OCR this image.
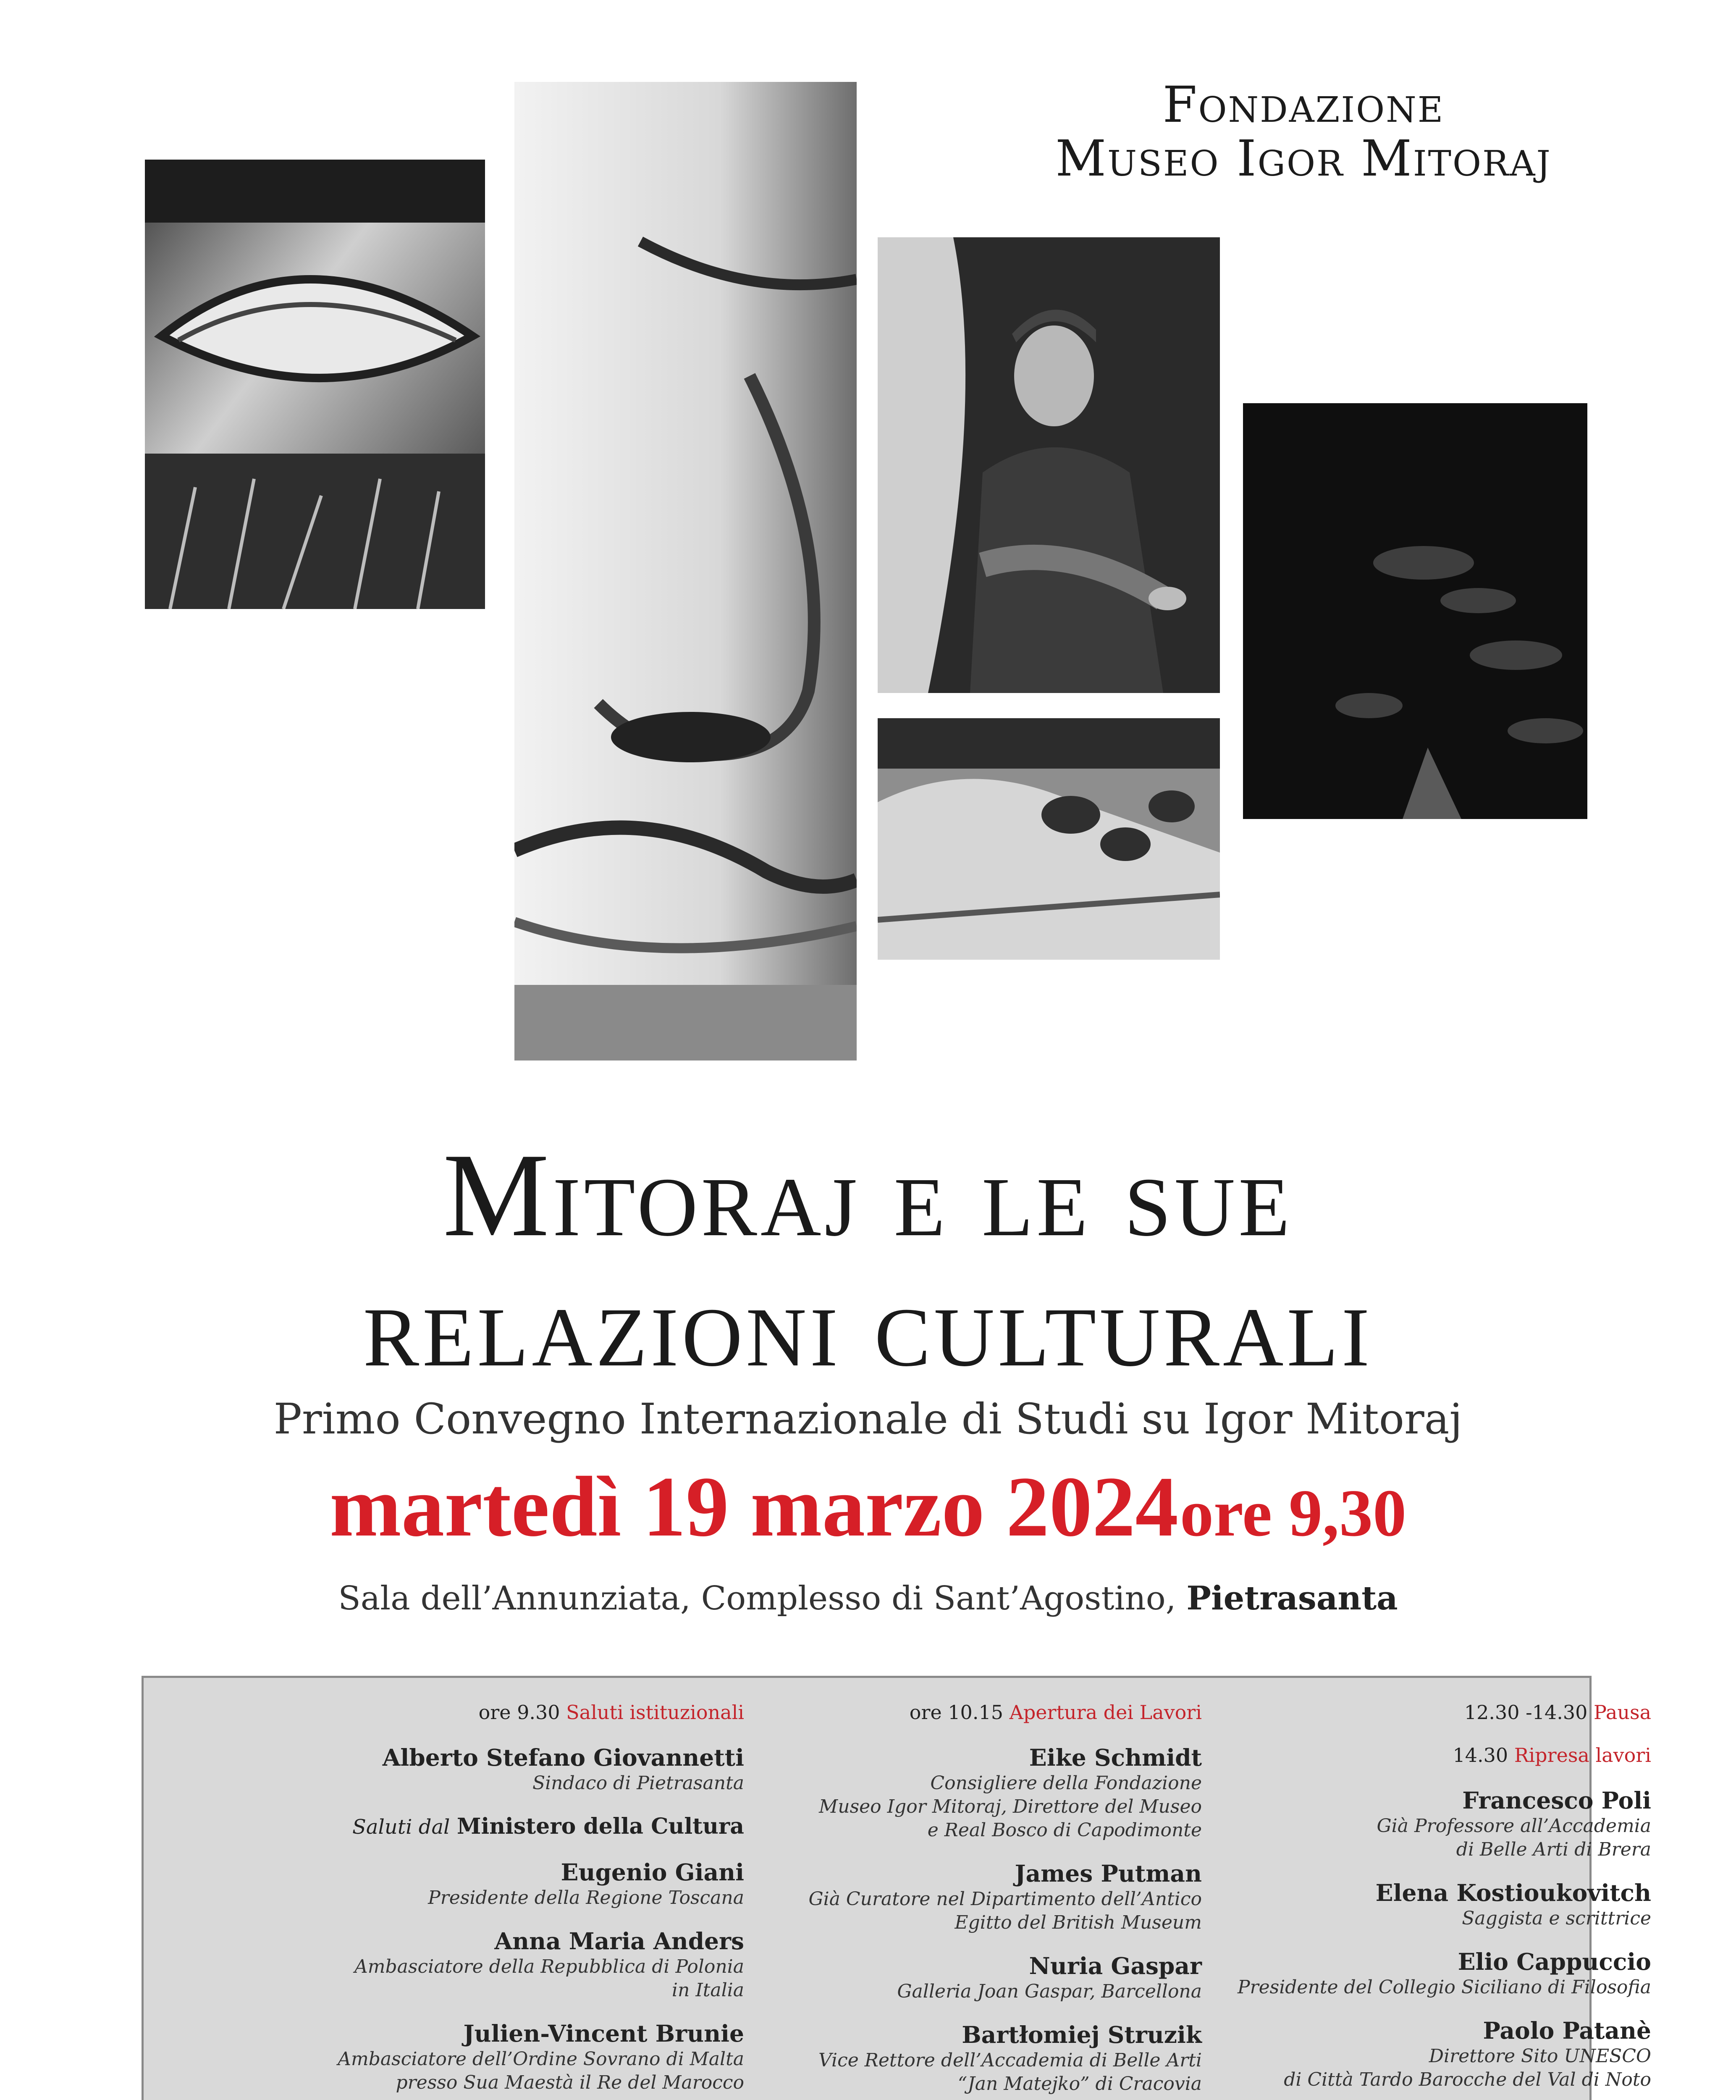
Fondazione
Museo Igor Mitoraj
Mitoraj e le sue
relazioni culturali
Primo Convegno Internazionale di Studi su Igor Mitoraj
martedì 19 marzo 2024 ore 9,30
Sala dell’Annunziata, Complesso di Sant’Agostino, Pietrasanta
ore 9.30 Saluti istituzionali
Alberto Stefano Giovannetti
Sindaco di Pietrasanta
Saluti dal Ministero della Cultura
Eugenio Giani
Presidente della Regione Toscana
Anna Maria Anders
Ambasciatore della Repubblica di Polonia
in Italia
Julien-Vincent Brunie
Ambasciatore dell’Ordine Sovrano di Malta
presso Sua Maestà il Re del Marocco
ore 10.15 Apertura dei Lavori
Eike Schmidt
Consigliere della Fondazione
Museo Igor Mitoraj, Direttore del Museo
e Real Bosco di Capodimonte
James Putman
Già Curatore nel Dipartimento dell’Antico
Egitto del British Museum
Nuria Gaspar
Galleria Joan Gaspar, Barcellona
Bartłomiej Struzik
Vice Rettore dell’Accademia di Belle Arti
“Jan Matejko” di Cracovia
12.30 -14.30 Pausa
14.30 Ripresa lavori
Francesco Poli
Già Professore all’Accademia
di Belle Arti di Brera
Elena Kostioukovitch
Saggista e scrittrice
Elio Cappuccio
Presidente del Collegio Siciliano di Filosofia
Paolo Patanè
Direttore Sito UNESCO
di Città Tardo Barocche del Val di Noto
